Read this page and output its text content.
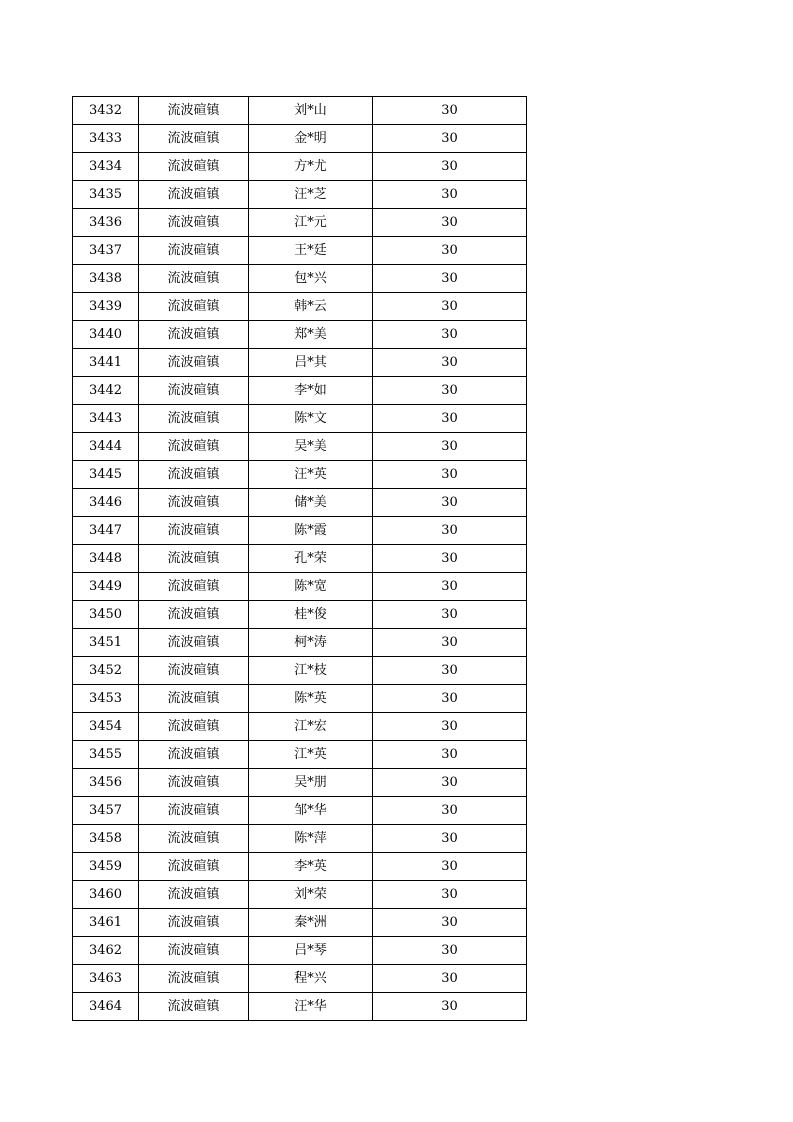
3432	流波碹镇	刘*山	30
3433	流波碹镇	金*明	30
3434	流波碹镇	方*尤	30
3435	流波碹镇	汪*芝	30
3436	流波碹镇	江*元	30
3437	流波碹镇	王*廷	30
3438	流波碹镇	包*兴	30
3439	流波碹镇	韩*云	30
3440	流波碹镇	郑*美	30
3441	流波碹镇	吕*其	30
3442	流波碹镇	李*如	30
3443	流波碹镇	陈*文	30
3444	流波碹镇	吴*美	30
3445	流波碹镇	汪*英	30
3446	流波碹镇	储*美	30
3447	流波碹镇	陈*霞	30
3448	流波碹镇	孔*荣	30
3449	流波碹镇	陈*宽	30
3450	流波碹镇	桂*俊	30
3451	流波碹镇	柯*涛	30
3452	流波碹镇	江*枝	30
3453	流波碹镇	陈*英	30
3454	流波碹镇	江*宏	30
3455	流波碹镇	江*英	30
3456	流波碹镇	吴*朋	30
3457	流波碹镇	邹*华	30
3458	流波碹镇	陈*萍	30
3459	流波碹镇	李*英	30
3460	流波碹镇	刘*荣	30
3461	流波碹镇	秦*洲	30
3462	流波碹镇	吕*琴	30
3463	流波碹镇	程*兴	30
3464	流波碹镇	汪*华	30
